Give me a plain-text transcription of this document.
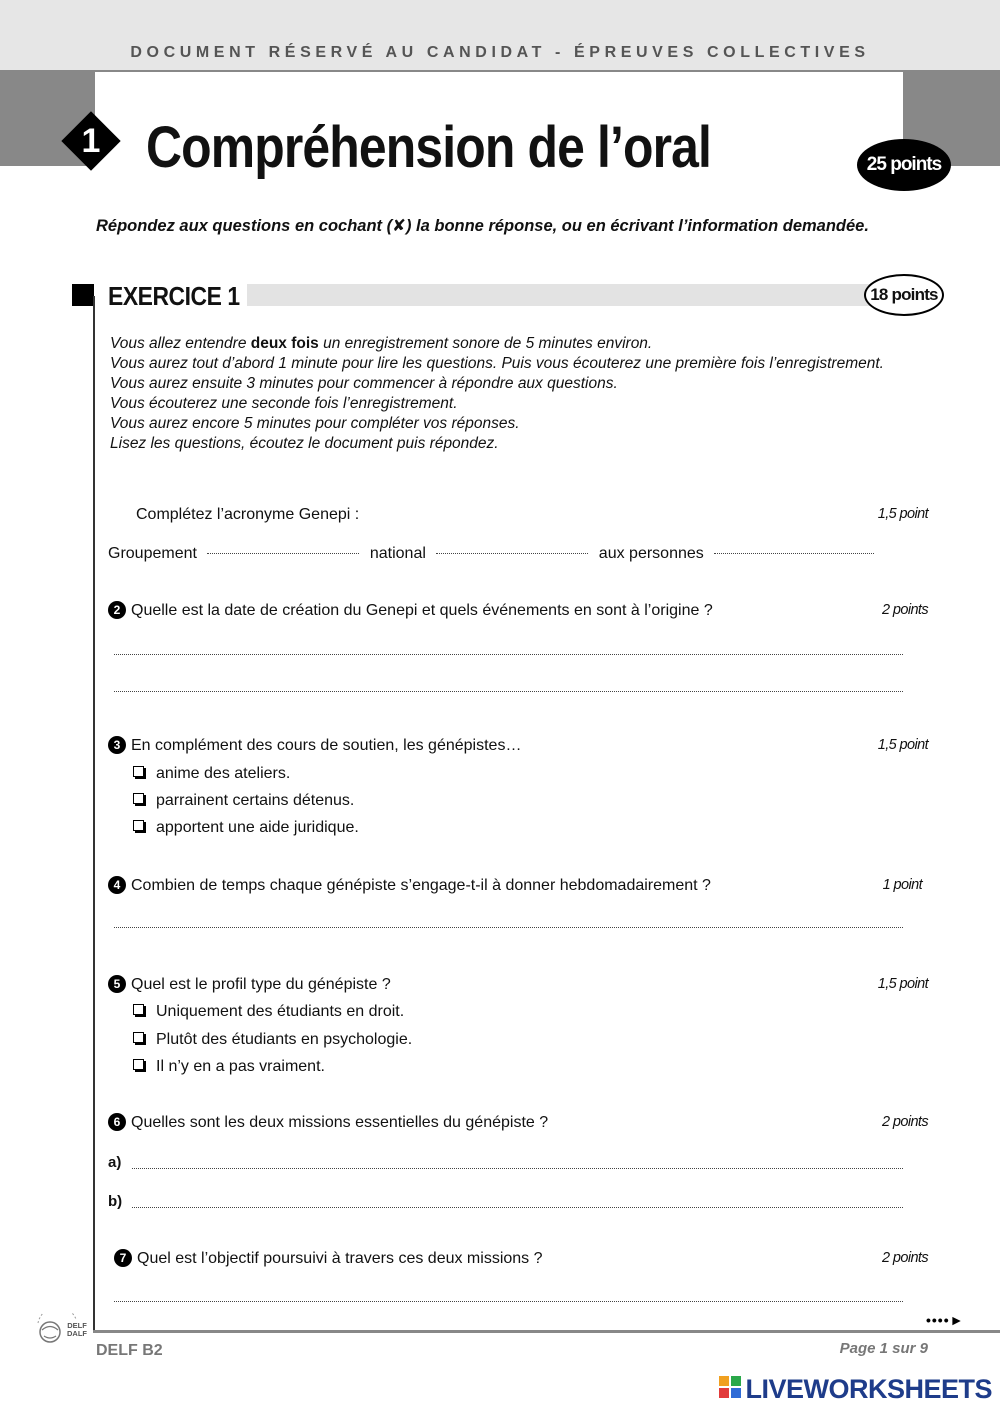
DOCUMENT RÉSERVÉ AU CANDIDAT - ÉPREUVES COLLECTIVES
1 Compréhension de l’oral	25 points
Répondez aux questions en cochant (✘) la bonne réponse, ou en écrivant l’information demandée.
EXERCICE 1	18 points
Vous allez entendre deux fois un enregistrement sonore de 5 minutes environ.
Vous aurez tout d’abord 1 minute pour lire les questions. Puis vous écouterez une première fois l’enregistrement.
Vous aurez ensuite 3 minutes pour commencer à répondre aux questions.
Vous écouterez une seconde fois l’enregistrement.
Vous aurez encore 5 minutes pour compléter vos réponses.
Lisez les questions, écoutez le document puis répondez.
Complétez l’acronyme Genepi :	1,5 point
Groupement	national	aux personnes
2 Quelle est la date de création du Genepi et quels événements en sont à l’origine ?	2 points
3 En complément des cours de soutien, les génépistes…	1,5 point
anime des ateliers.
parrainent certains détenus.
apportent une aide juridique.
4 Combien de temps chaque génépiste s’engage-t-il à donner hebdomadairement ?	1 point
5 Quel est le profil type du génépiste ?	1,5 point
Uniquement des étudiants en droit.
Plutôt des étudiants en psychologie.
Il n’y en a pas vraiment.
6 Quelles sont les deux missions essentielles du génépiste ?	2 points
a)
b)
7 Quel est l’objectif poursuivi à travers ces deux missions ?	2 points
••••►
DELF DALF
DELF B2	Page 1 sur 9
LIVEWORKSHEETS
